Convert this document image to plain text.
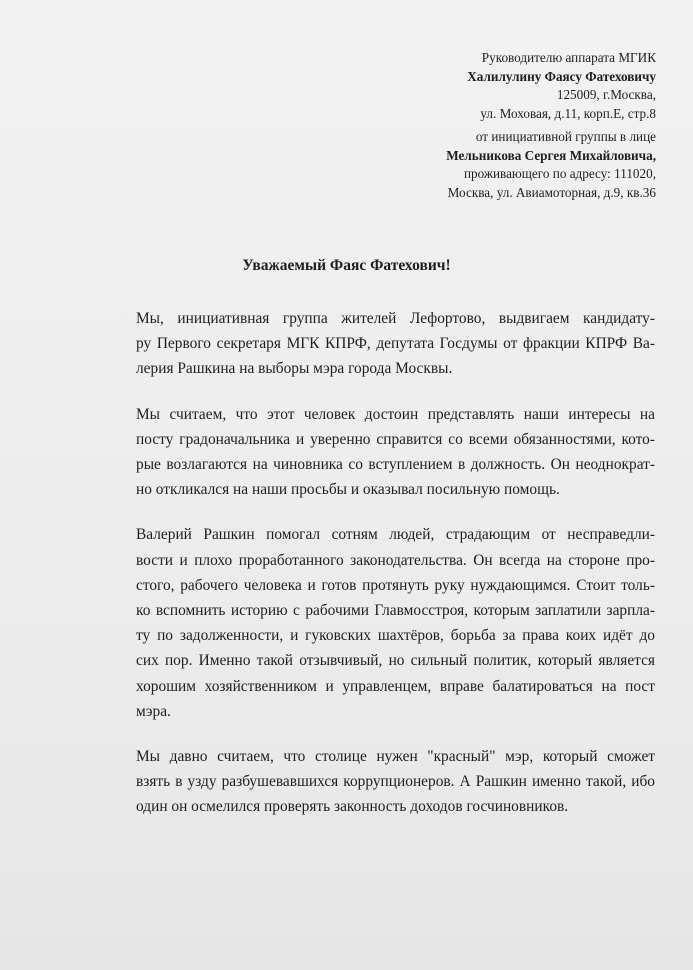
Руководителю аппарата МГИК
Халилулину Фаясу Фатеховичу
125009, г.Москва,
ул. Моховая, д.11, корп.Е, стр.8
от инициативной группы в лице
Мельникова Сергея Михайловича,
проживающего по адресу: 111020,
Москва, ул. Авиамоторная, д.9, кв.36
Уважаемый Фаяс Фатехович!

Мы, инициативная группа жителей Лефортово, выдвигаем кандидату-
ру Первого секретаря МГК КПРФ, депутата Госдумы от фракции КПРФ Ва-
лерия Рашкина на выборы мэра города Москвы.

Мы считаем, что этот человек достоин представлять наши интересы на
посту градоначальника и уверенно справится со всеми обязанностями, кото-
рые возлагаются на чиновника со вступлением в должность. Он неоднократ-
но откликался на наши просьбы и оказывал посильную помощь.

Валерий Рашкин помогал сотням людей, страдающим от несправедли-
вости и плохо проработанного законодательства. Он всегда на стороне про-
стого, рабочего человека и готов протянуть руку нуждающимся. Стоит толь-
ко вспомнить историю с рабочими Главмосстроя, которым заплатили зарпла-
ту по задолженности, и гуковских шахтёров, борьба за права коих идёт до
сих пор. Именно такой отзывчивый, но сильный политик, который является
хорошим хозяйственником и управленцем, вправе балатироваться на пост
мэра.

Мы давно считаем, что столице нужен "красный" мэр, который сможет
взять в узду разбушевавшихся коррупционеров. А Рашкин именно такой, ибо
один он осмелился проверять законность доходов госчиновников.
